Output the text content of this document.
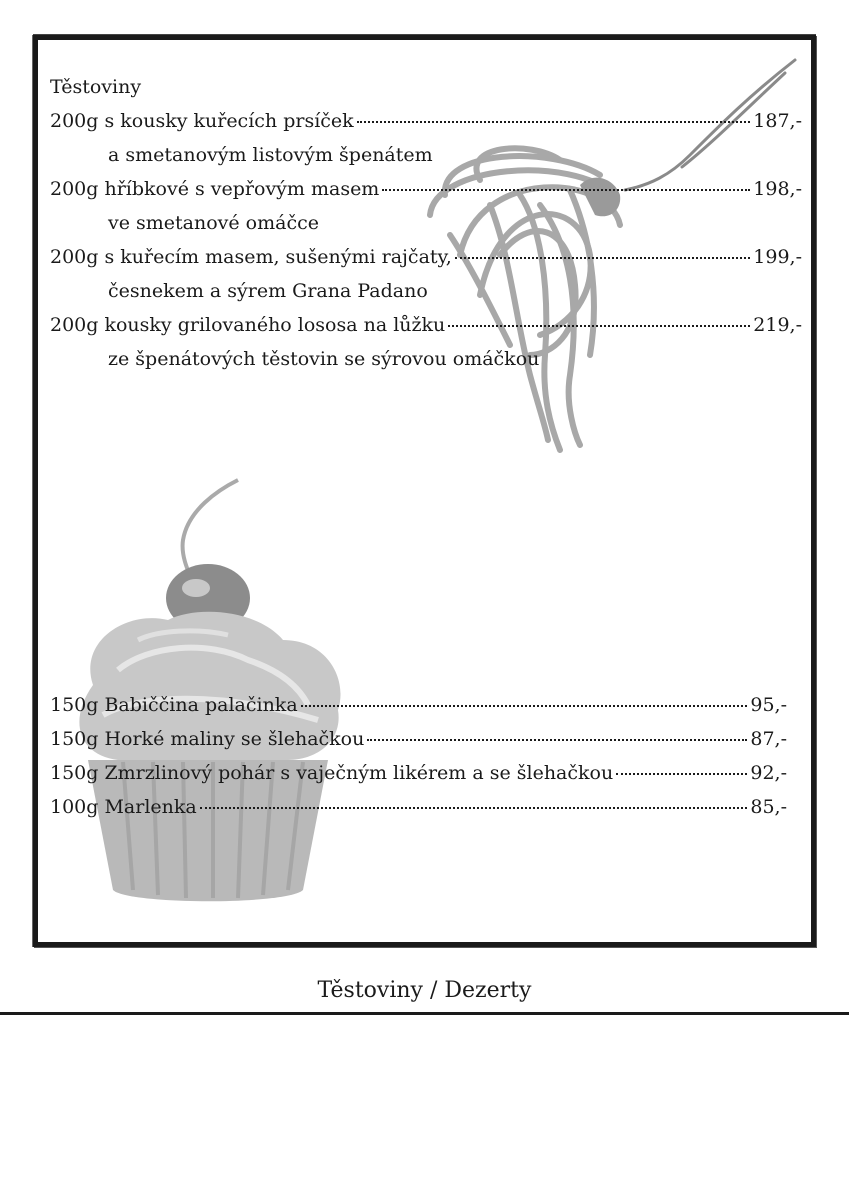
Těstoviny
200g s kousky kuřecích prsíček	187,-
a smetanovým listovým špenátem
200g hříbkové s vepřovým masem	198,-
ve smetanové omáčce
200g s kuřecím masem, sušenými rajčaty,	199,-
česnekem a sýrem Grana Padano
200g kousky grilovaného lososa na lůžku	219,-
ze špenátových těstovin se sýrovou omáčkou
150g Babiččina palačinka	95,-
150g Horké maliny se šlehačkou	87,-
150g Zmrzlinový pohár s vaječným likérem a se šlehačkou	92,-
100g Marlenka	85,-
Těstoviny / Dezerty
